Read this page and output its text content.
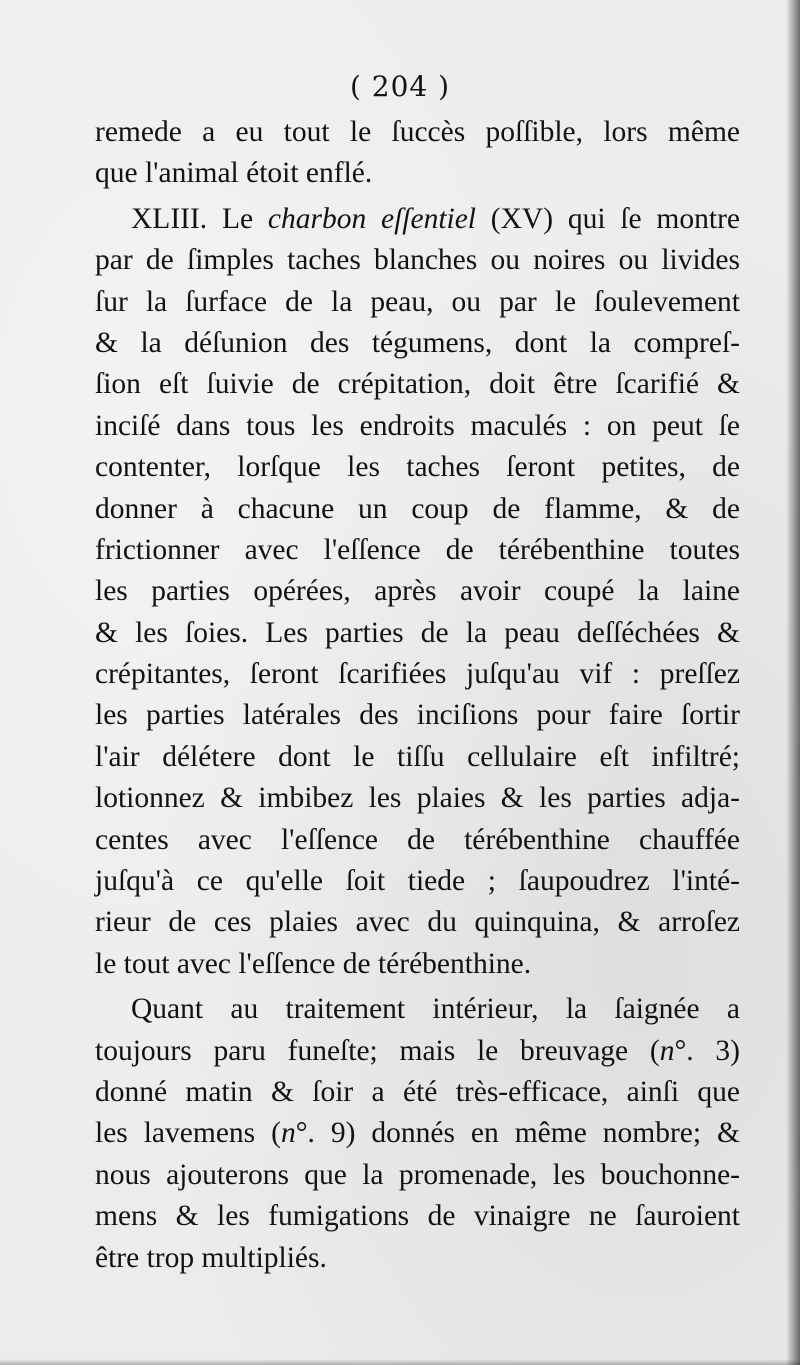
( 204 )
remede a eu tout le ſuccès poſſible, lors même
que l'animal étoit enflé.
XLIII. Le charbon eſſentiel (XV) qui ſe montre
par de ſimples taches blanches ou noires ou livides
ſur la ſurface de la peau, ou par le ſoulevement
& la déſunion des tégumens, dont la compreſ-
ſion eſt ſuivie de crépitation, doit être ſcarifié &
inciſé dans tous les endroits maculés : on peut ſe
contenter, lorſque les taches ſeront petites, de
donner à chacune un coup de flamme, & de
frictionner avec l'eſſence de térébenthine toutes
les parties opérées, après avoir coupé la laine
& les ſoies. Les parties de la peau deſſéchées &
crépitantes, ſeront ſcarifiées juſqu'au vif : preſſez
les parties latérales des inciſions pour faire ſortir
l'air délétere dont le tiſſu cellulaire eſt infiltré;
lotionnez & imbibez les plaies & les parties adja-
centes avec l'eſſence de térébenthine chauffée
juſqu'à ce qu'elle ſoit tiede ; ſaupoudrez l'inté-
rieur de ces plaies avec du quinquina, & arroſez
le tout avec l'eſſence de térébenthine.
Quant au traitement intérieur, la ſaignée a
toujours paru funeſte; mais le breuvage (n°. 3)
donné matin & ſoir a été très-efficace, ainſi que
les lavemens (n°. 9) donnés en même nombre; &
nous ajouterons que la promenade, les bouchonne-
mens & les fumigations de vinaigre ne ſauroient
être trop multipliés.
